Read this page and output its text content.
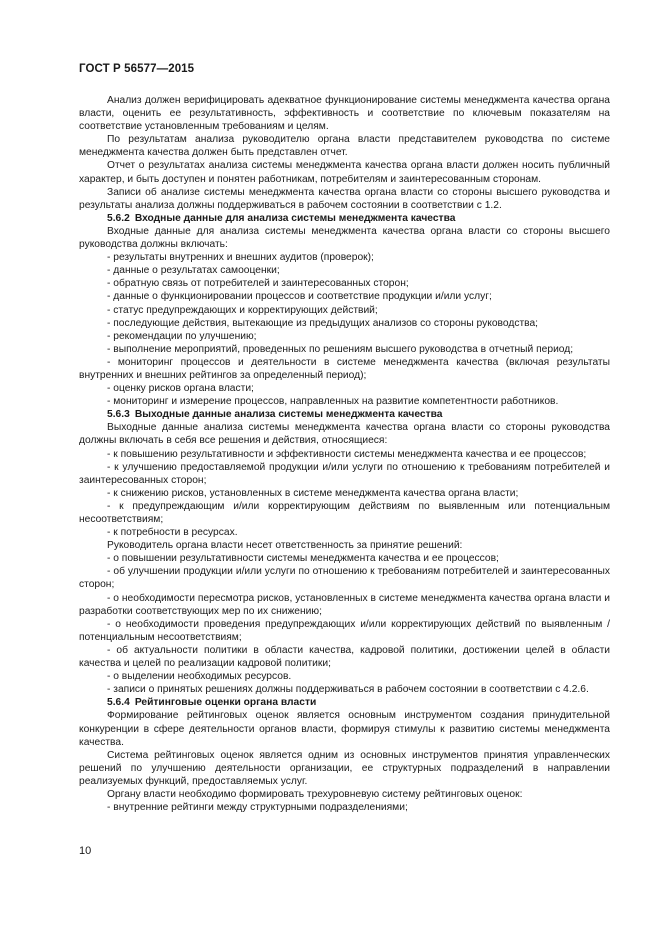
ГОСТ Р 56577—2015

Анализ должен верифицировать адекватное функционирование системы менеджмента качества органа власти, оценить ее результативность, эффективность и соответствие по ключевым показателям на соответствие установленным требованиям и целям.

По результатам анализа руководителю органа власти представителем руководства по системе менеджмента качества должен быть представлен отчет.

Отчет о результатах анализа системы менеджмента качества органа власти должен носить публичный характер, и быть доступен и понятен работникам, потребителям и заинтересованным сторонам.

Записи об анализе системы менеджмента качества органа власти со стороны высшего руководства и результаты анализа должны поддерживаться в рабочем состоянии в соответствии с 1.2.

5.6.2 Входные данные для анализа системы менеджмента качества

Входные данные для анализа системы менеджмента качества органа власти со стороны высшего руководства должны включать:

- результаты внутренних и внешних аудитов (проверок);

- данные о результатах самооценки;

- обратную связь от потребителей и заинтересованных сторон;

- данные о функционировании процессов и соответствие продукции и/или услуг;

- статус предупреждающих и корректирующих действий;

- последующие действия, вытекающие из предыдущих анализов со стороны руководства;

- рекомендации по улучшению;

- выполнение мероприятий, проведенных по решениям высшего руководства в отчетный период;

- мониторинг процессов и деятельности в системе менеджмента качества (включая результаты внутренних и внешних рейтингов за определенный период);

- оценку рисков органа власти;

- мониторинг и измерение процессов, направленных на развитие компетентности работников.

5.6.3 Выходные данные анализа системы менеджмента качества

Выходные данные анализа системы менеджмента качества органа власти со стороны руководства должны включать в себя все решения и действия, относящиеся:

- к повышению результативности и эффективности системы менеджмента качества и ее процессов;

- к улучшению предоставляемой продукции и/или услуги по отношению к требованиям потребителей и заинтересованных сторон;

- к снижению рисков, установленных в системе менеджмента качества органа власти;

- к предупреждающим и/или корректирующим действиям по выявленным или потенциальным несоответствиям;

- к потребности в ресурсах.

Руководитель органа власти несет ответственность за принятие решений:

- о повышении результативности системы менеджмента качества и ее процессов;

- об улучшении продукции и/или услуги по отношению к требованиям потребителей и заинтересованных сторон;

- о необходимости пересмотра рисков, установленных в системе менеджмента качества органа власти и разработки соответствующих мер по их снижению;

- о необходимости проведения предупреждающих и/или корректирующих действий по выявленным / потенциальным несоответствиям;

- об актуальности политики в области качества, кадровой политики, достижении целей в области качества и целей по реализации кадровой политики;

- о выделении необходимых ресурсов.

- записи о принятых решениях должны поддерживаться в рабочем состоянии в соответствии с 4.2.6.

5.6.4 Рейтинговые оценки органа власти

Формирование рейтинговых оценок является основным инструментом создания принудительной конкуренции в сфере деятельности органов власти, формируя стимулы к развитию системы менеджмента качества.

Система рейтинговых оценок является одним из основных инструментов принятия управленческих решений по улучшению деятельности организации, ее структурных подразделений в направлении реализуемых функций, предоставляемых услуг.

Органу власти необходимо формировать трехуровневую систему рейтинговых оценок:

- внутренние рейтинги между структурными подразделениями;

10
